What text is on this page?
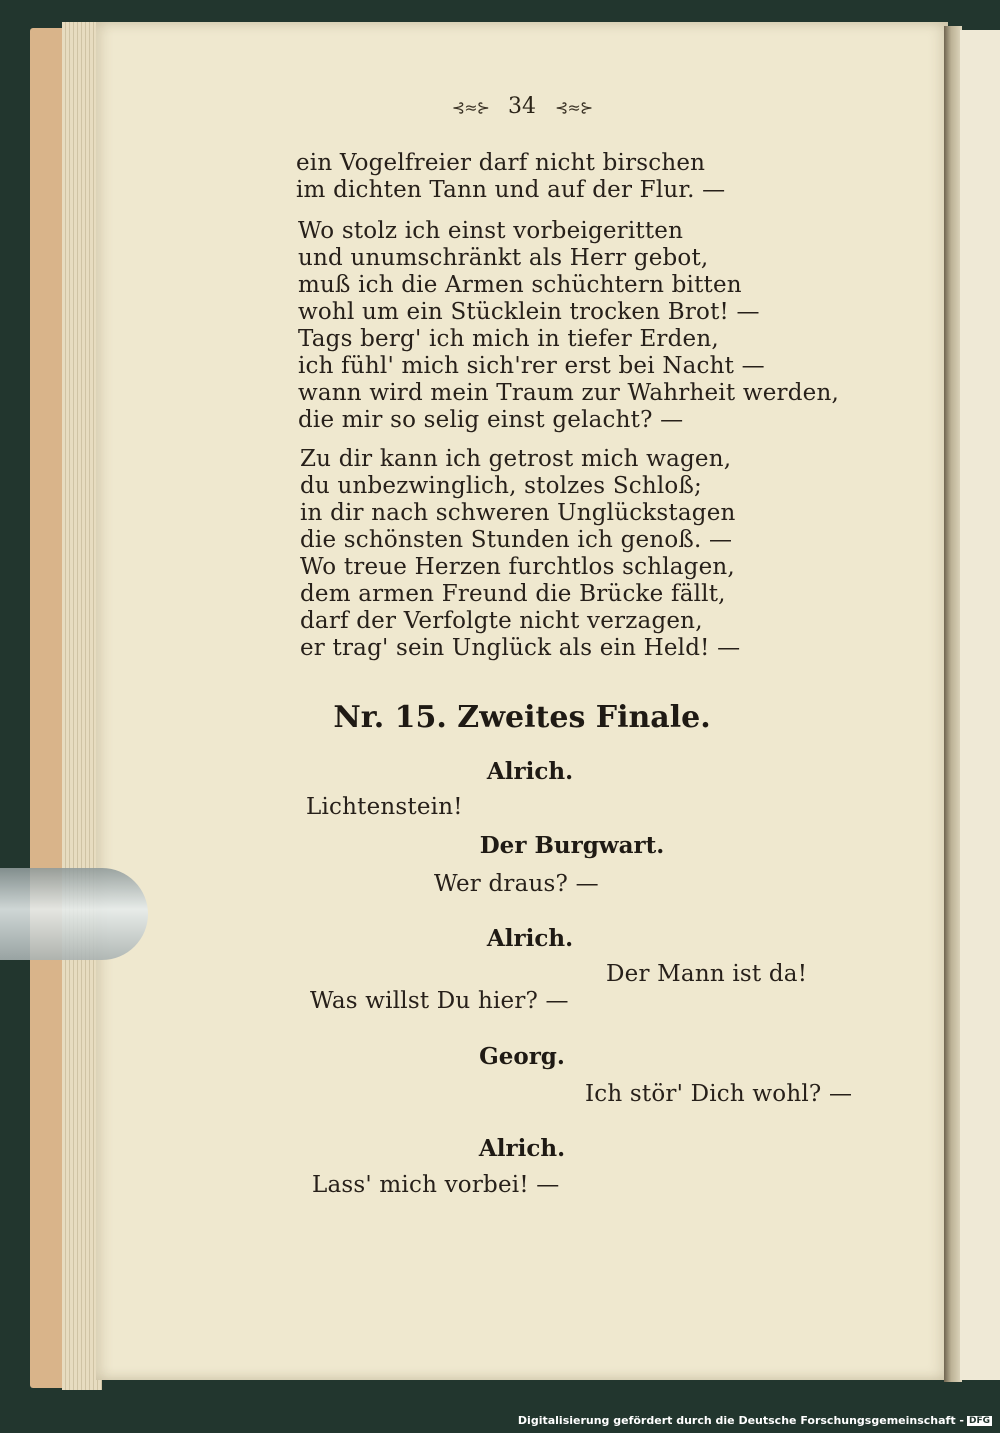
⊰≈⊱ 34 ⊰≈⊱
ein Vogelfreier darf nicht birschen
im dichten Tann und auf der Flur. —
Wo stolz ich einst vorbeigeritten
und unumschränkt als Herr gebot,
muß ich die Armen schüchtern bitten
wohl um ein Stücklein trocken Brot! —
Tags berg' ich mich in tiefer Erden,
ich fühl' mich sich'rer erst bei Nacht —
wann wird mein Traum zur Wahrheit werden,
die mir so selig einst gelacht? —
Zu dir kann ich getrost mich wagen,
du unbezwinglich, stolzes Schloß;
in dir nach schweren Unglückstagen
die schönsten Stunden ich genoß. —
Wo treue Herzen furchtlos schlagen,
dem armen Freund die Brücke fällt,
darf der Verfolgte nicht verzagen,
er trag' sein Unglück als ein Held! —
Nr. 15. Zweites Finale.
Alrich.
Lichtenstein!
Der Burgwart.
Wer draus? —
Alrich.
Der Mann ist da!
Was willst Du hier? —
Georg.
Ich stör' Dich wohl? —
Alrich.
Lass' mich vorbei! —
Digitalisierung gefördert durch die Deutsche Forschungsgemeinschaft - DFG
